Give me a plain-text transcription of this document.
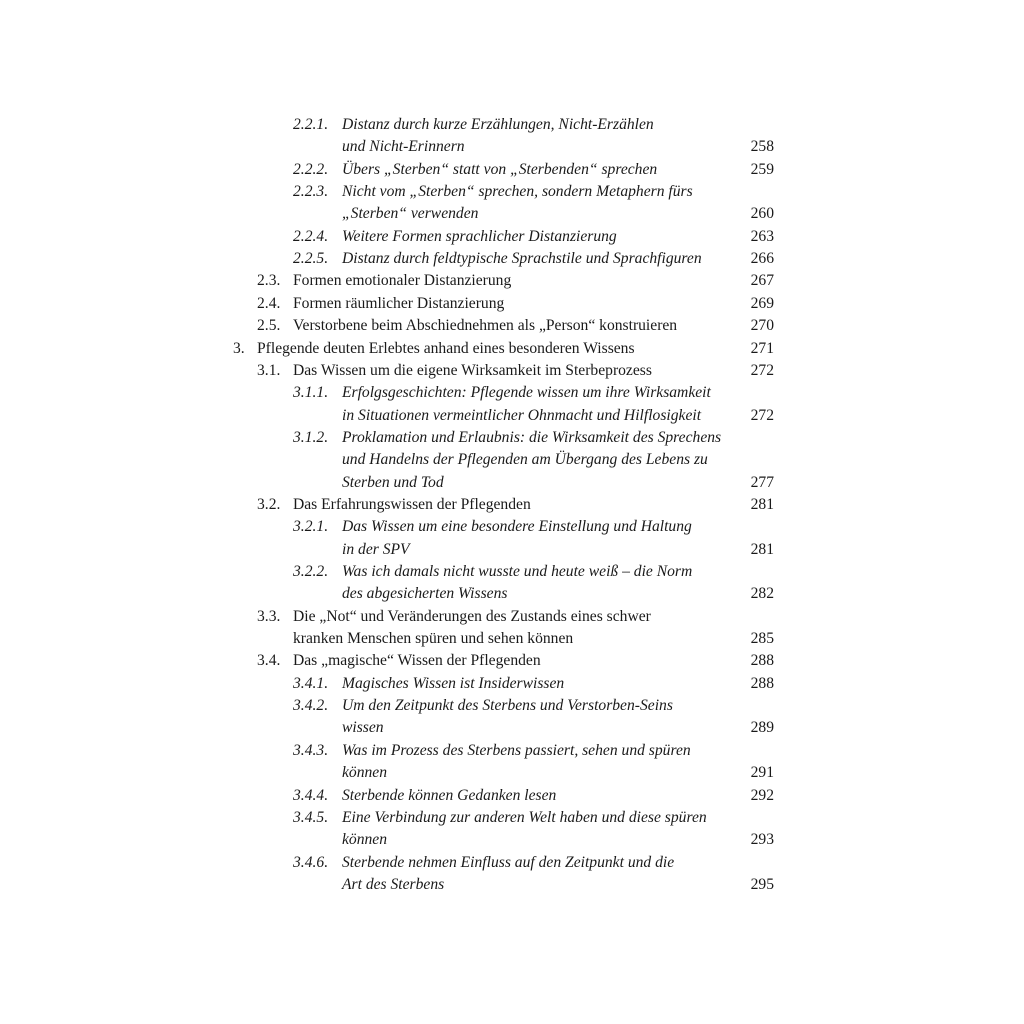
2.2.1. Distanz durch kurze Erzählungen, Nicht-Erzählen
und Nicht-Erinnern	258
2.2.2. Übers „Sterben“ statt von „Sterbenden“ sprechen	259
2.2.3. Nicht vom „Sterben“ sprechen, sondern Metaphern fürs
„Sterben“ verwenden	260
2.2.4. Weitere Formen sprachlicher Distanzierung	263
2.2.5. Distanz durch feldtypische Sprachstile und Sprachfiguren	266
2.3. Formen emotionaler Distanzierung	267
2.4. Formen räumlicher Distanzierung	269
2.5. Verstorbene beim Abschiednehmen als „Person“ konstruieren	270
3. Pflegende deuten Erlebtes anhand eines besonderen Wissens	271
3.1. Das Wissen um die eigene Wirksamkeit im Sterbeprozess	272
3.1.1. Erfolgsgeschichten: Pflegende wissen um ihre Wirksamkeit
in Situationen vermeintlicher Ohnmacht und Hilflosigkeit	272
3.1.2. Proklamation und Erlaubnis: die Wirksamkeit des Sprechens
und Handelns der Pflegenden am Übergang des Lebens zu
Sterben und Tod	277
3.2. Das Erfahrungswissen der Pflegenden	281
3.2.1. Das Wissen um eine besondere Einstellung und Haltung
in der SPV	281
3.2.2. Was ich damals nicht wusste und heute weiß – die Norm
des abgesicherten Wissens	282
3.3. Die „Not“ und Veränderungen des Zustands eines schwer
kranken Menschen spüren und sehen können	285
3.4. Das „magische“ Wissen der Pflegenden	288
3.4.1. Magisches Wissen ist Insiderwissen	288
3.4.2. Um den Zeitpunkt des Sterbens und Verstorben-Seins
wissen	289
3.4.3. Was im Prozess des Sterbens passiert, sehen und spüren
können	291
3.4.4. Sterbende können Gedanken lesen	292
3.4.5. Eine Verbindung zur anderen Welt haben und diese spüren
können	293
3.4.6. Sterbende nehmen Einfluss auf den Zeitpunkt und die
Art des Sterbens	295
